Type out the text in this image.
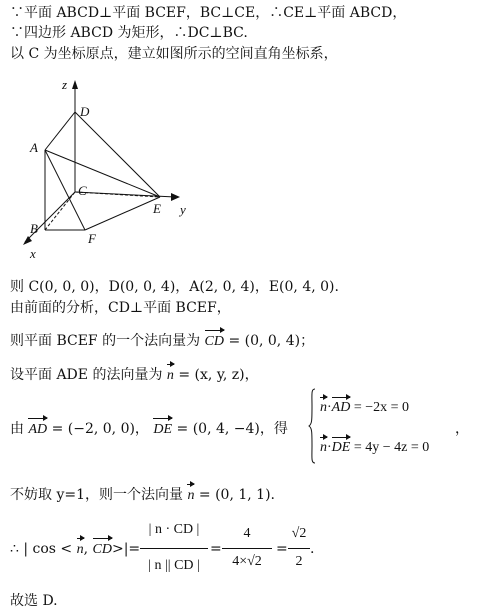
∵平面 ABCD⊥平面 BCEF，BC⊥CE，∴CE⊥平面 ABCD，
∵四边形 ABCD 为矩形，∴DC⊥BC.
以 C 为坐标原点，建立如图所示的空间直角坐标系，
z
D
A
C
E y
B
F
x
则 C(0, 0, 0)，D(0, 0, 4)，A(2, 0, 4)，E(0, 4, 0).
由前面的分析，CD⊥平面 BCEF，
则平面 BCEF 的一个法向量为 CD = (0, 0, 4)；
设平面 ADE 的法向量为 n = (x, y, z)，
由 AD = (−2, 0, 0)， DE = (0, 4, −4)，得
n·AD = −2x = 0
n·DE = 4y − 4z = 0
，
不妨取 y=1，则一个法向量 n = (0, 1, 1).
∴ | cos < n, CD>|=
| n · CD |
| n || CD |
=
4
4×√2
=
√2
2
.
故选 D.
